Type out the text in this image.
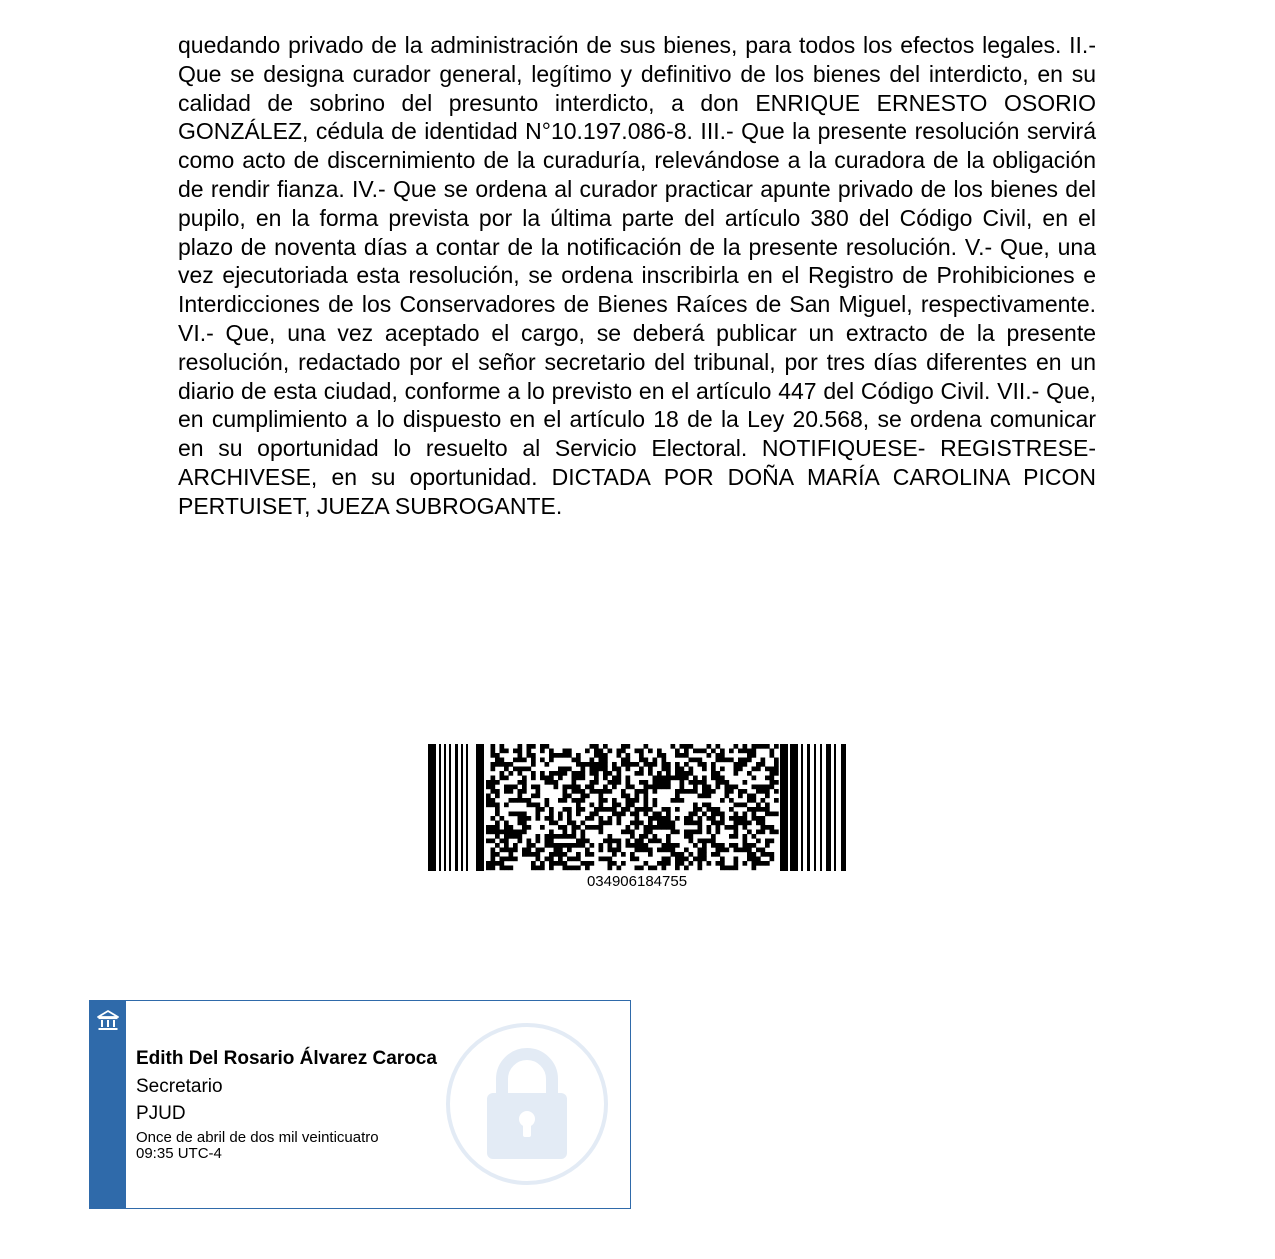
quedando privado de la administración de sus bienes, para todos los efectos legales. II.- Que se designa curador general, legítimo y definitivo de los bienes del interdicto, en su calidad de sobrino del presunto interdicto, a don ENRIQUE ERNESTO OSORIO GONZÁLEZ, cédula de identidad N°10.197.086-8. III.- Que la presente resolución servirá como acto de discernimiento de la curaduría, relevándose a la curadora de la obligación de rendir fianza. IV.- Que se ordena al curador practicar apunte privado de los bienes del pupilo, en la forma prevista por la última parte del artículo 380 del Código Civil, en el plazo de noventa días a contar de la notificación de la presente resolución. V.- Que, una vez ejecutoriada esta resolución, se ordena inscribirla en el Registro de Prohibiciones e Interdicciones de los Conservadores de Bienes Raíces de San Miguel, respectivamente. VI.- Que, una vez aceptado el cargo, se deberá publicar un extracto de la presente resolución, redactado por el señor secretario del tribunal, por tres días diferentes en un diario de esta ciudad, conforme a lo previsto en el artículo 447 del Código Civil. VII.- Que, en cumplimiento a lo dispuesto en el artículo 18 de la Ley 20.568, se ordena comunicar en su oportunidad lo resuelto al Servicio Electoral. NOTIFIQUESE- REGISTRESE- ARCHIVESE, en su oportunidad. DICTADA POR DOÑA MARÍA CAROLINA PICON PERTUISET, JUEZA SUBROGANTE.

034906184755
Edith Del Rosario Álvarez Caroca
Secretario
PJUD
Once de abril de dos mil veinticuatro
09:35 UTC-4
